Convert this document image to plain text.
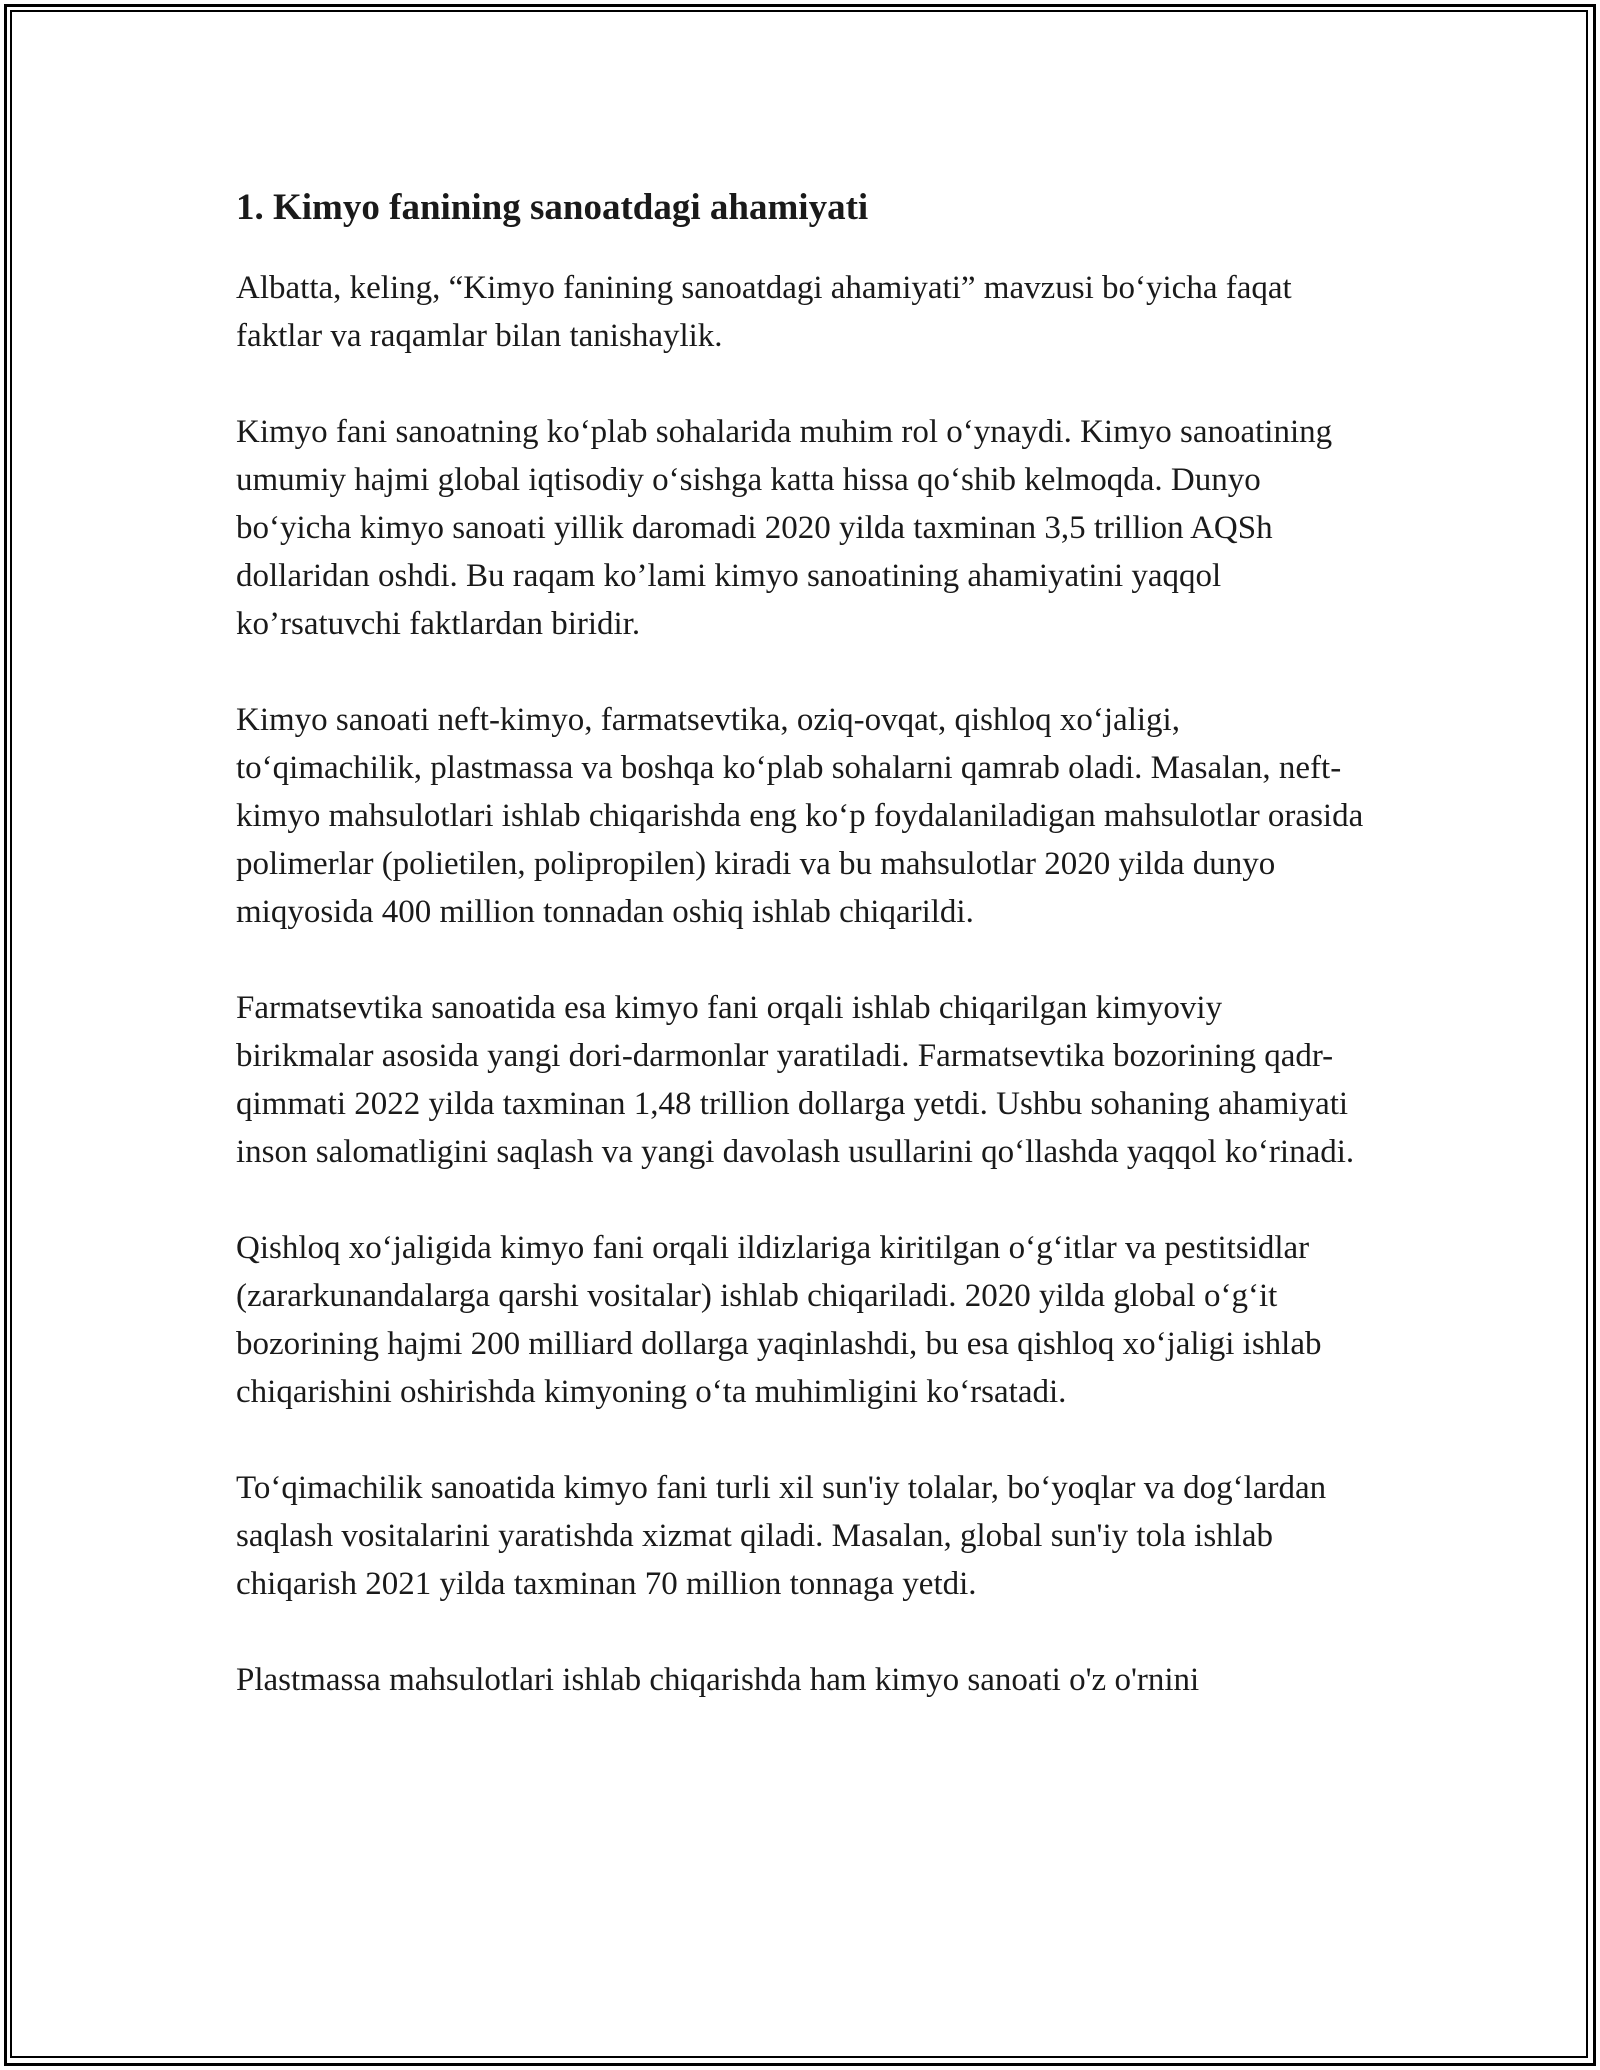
1. Kimyo fanining sanoatdagi ahamiyati

Albatta, keling, “Kimyo fanining sanoatdagi ahamiyati” mavzusi bo‘yicha faqat faktlar va raqamlar bilan tanishaylik.

Kimyo fani sanoatning ko‘plab sohalarida muhim rol o‘ynaydi. Kimyo sanoatining umumiy hajmi global iqtisodiy o‘sishga katta hissa qo‘shib kelmoqda. Dunyo bo‘yicha kimyo sanoati yillik daromadi 2020 yilda taxminan 3,5 trillion AQSh dollaridan oshdi. Bu raqam ko’lami kimyo sanoatining ahamiyatini yaqqol ko’rsatuvchi faktlardan biridir.

Kimyo sanoati neft-kimyo, farmatsevtika, oziq-ovqat, qishloq xo‘jaligi, to‘qimachilik, plastmassa va boshqa ko‘plab sohalarni qamrab oladi. Masalan, neft-kimyo mahsulotlari ishlab chiqarishda eng ko‘p foydalaniladigan mahsulotlar orasida polimerlar (polietilen, polipropilen) kiradi va bu mahsulotlar 2020 yilda dunyo miqyosida 400 million tonnadan oshiq ishlab chiqarildi.

Farmatsevtika sanoatida esa kimyo fani orqali ishlab chiqarilgan kimyoviy birikmalar asosida yangi dori-darmonlar yaratiladi. Farmatsevtika bozorining qadr-qimmati 2022 yilda taxminan 1,48 trillion dollarga yetdi. Ushbu sohaning ahamiyati inson salomatligini saqlash va yangi davolash usullarini qo‘llashda yaqqol ko‘rinadi.

Qishloq xo‘jaligida kimyo fani orqali ildizlariga kiritilgan o‘g‘itlar va pestitsidlar (zararkunandalarga qarshi vositalar) ishlab chiqariladi. 2020 yilda global o‘g‘it bozorining hajmi 200 milliard dollarga yaqinlashdi, bu esa qishloq xo‘jaligi ishlab chiqarishini oshirishda kimyoning o‘ta muhimligini ko‘rsatadi.

To‘qimachilik sanoatida kimyo fani turli xil sun'iy tolalar, bo‘yoqlar va dog‘lardan saqlash vositalarini yaratishda xizmat qiladi. Masalan, global sun'iy tola ishlab chiqarish 2021 yilda taxminan 70 million tonnaga yetdi.

Plastmassa mahsulotlari ishlab chiqarishda ham kimyo sanoati o'z o'rnini
